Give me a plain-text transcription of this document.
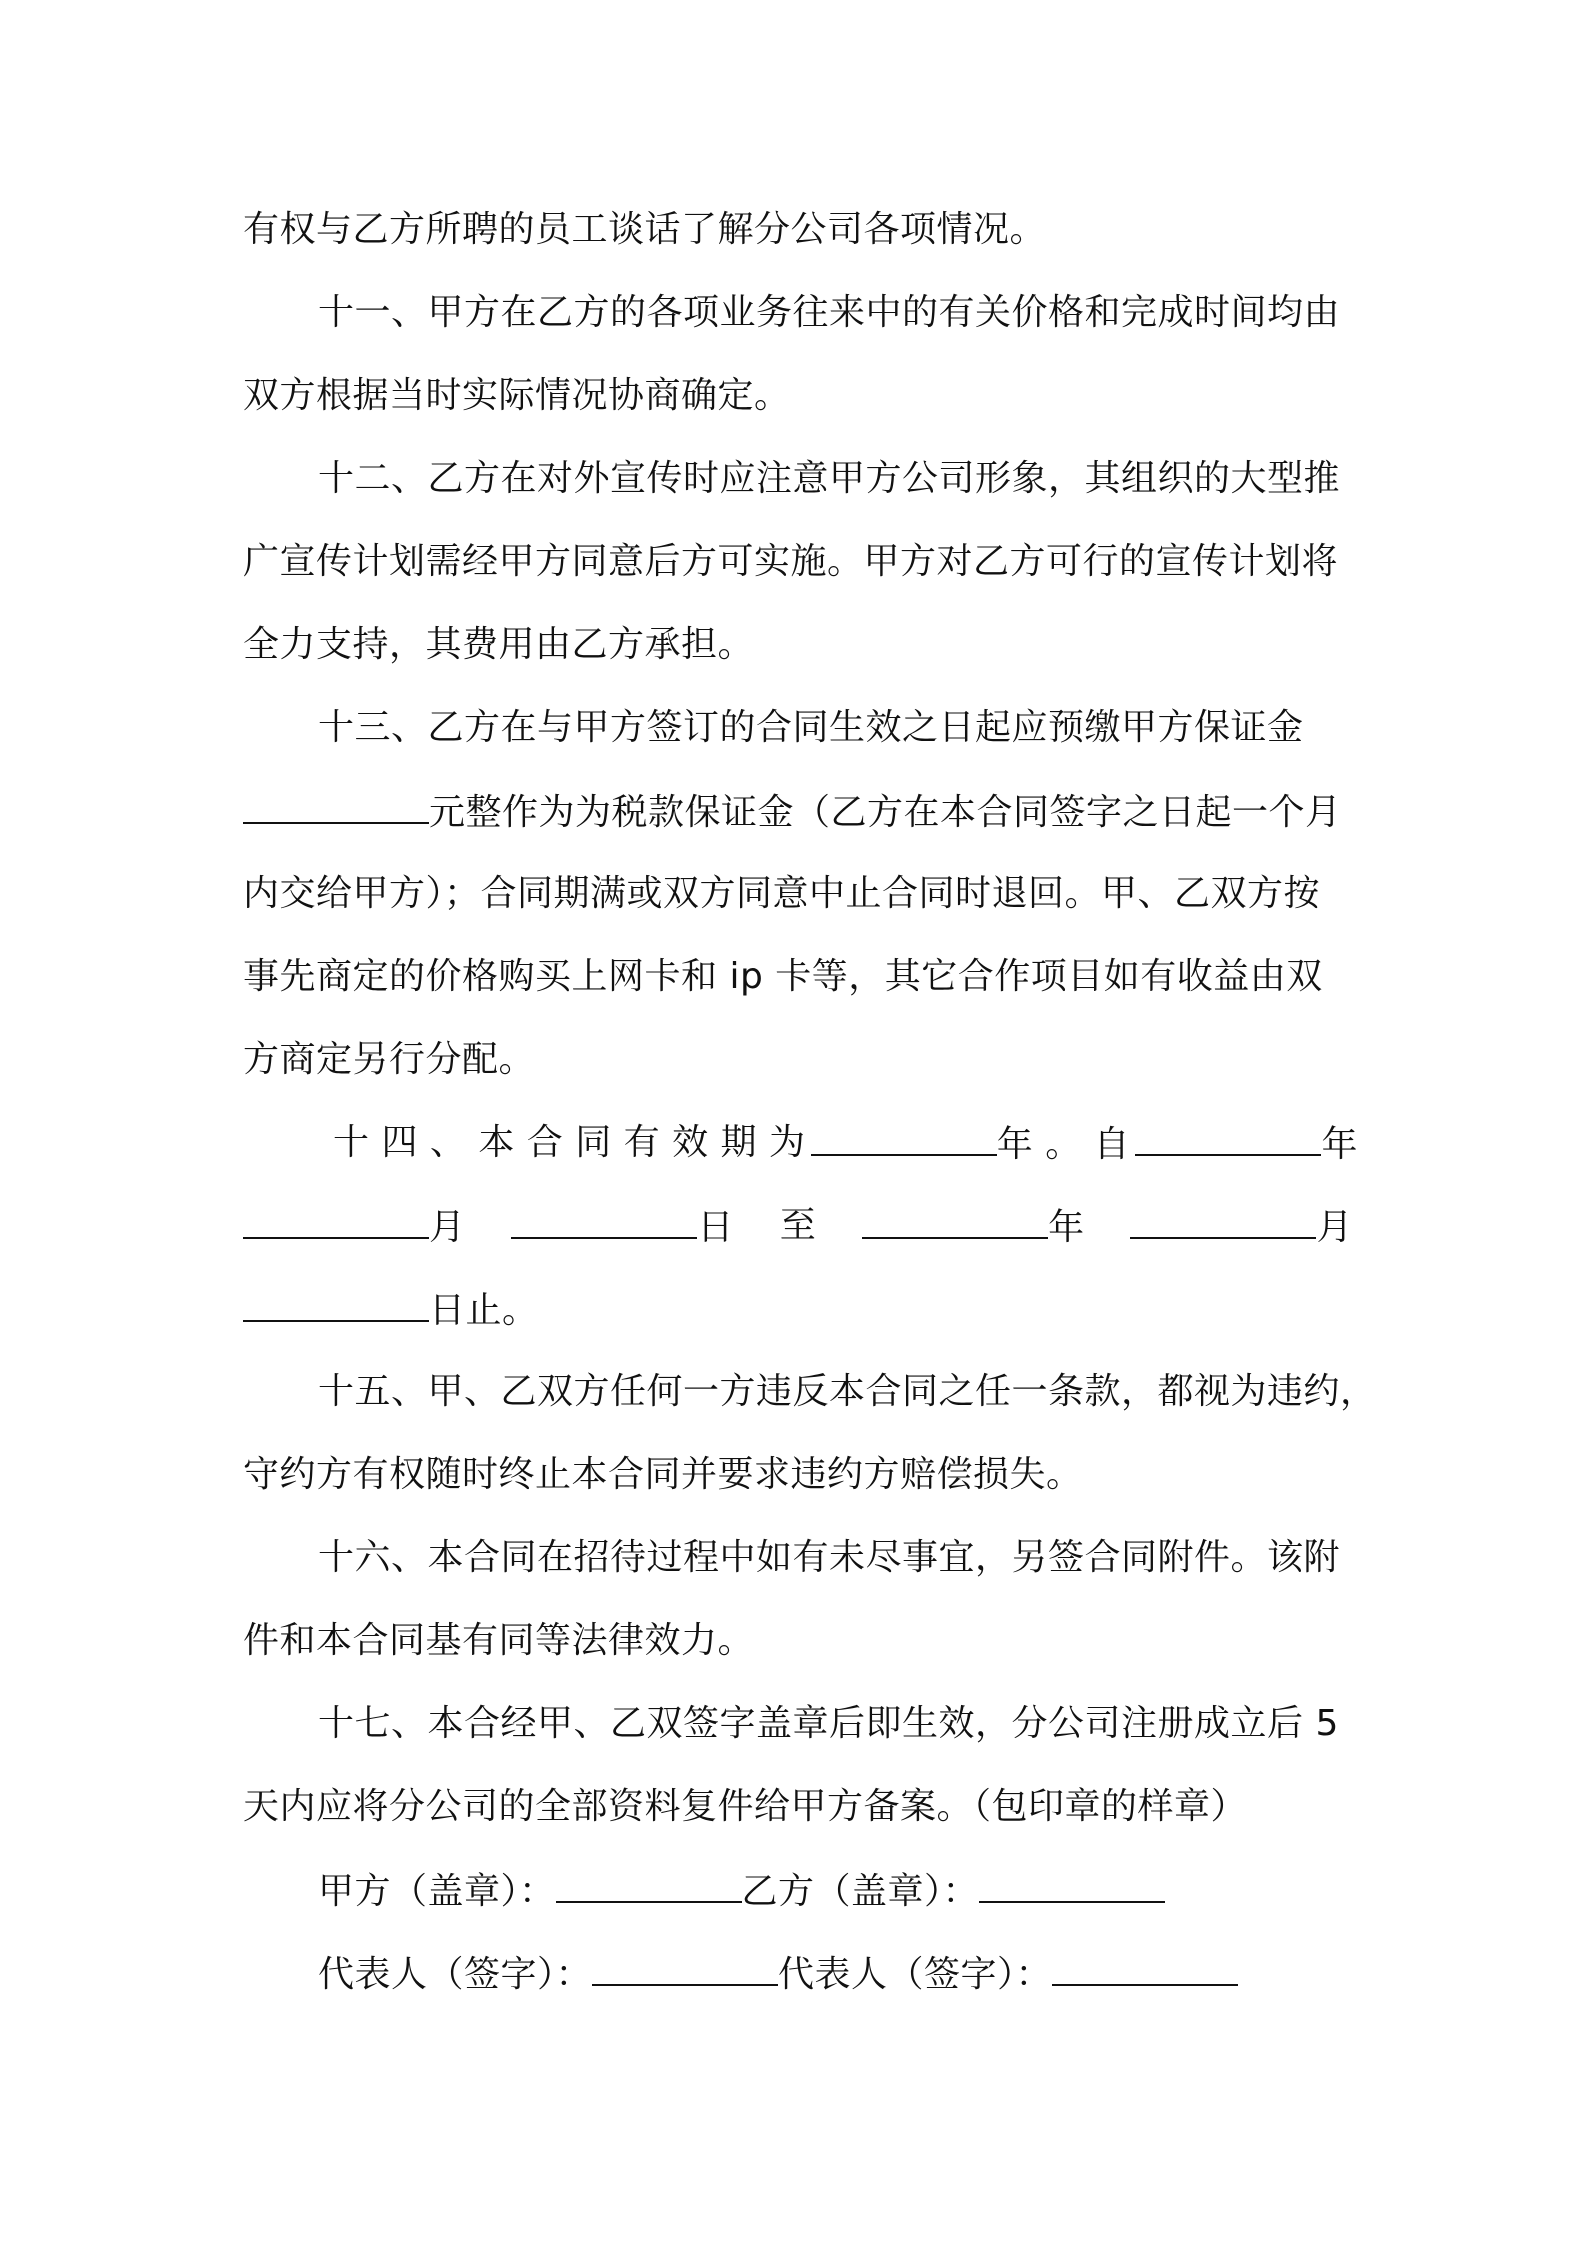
有权与乙方所聘的员工谈话了解分公司各项情况。
十一、甲方在乙方的各项业务往来中的有关价格和完成时间均由
双方根据当时实际情况协商确定。
十二、乙方在对外宣传时应注意甲方公司形象，其组织的大型推
广宣传计划需经甲方同意后方可实施。甲方对乙方可行的宣传计划将
全力支持，其费用由乙方承担。
十三、乙方在与甲方签订的合同生效之日起应预缴甲方保证金
元整作为为税款保证金（乙方在本合同签字之日起一个月
内交给甲方）；合同期满或双方同意中止合同时退回。甲、乙双方按
事先商定的价格购买上网卡和 ip 卡等，其它合作项目如有收益由双
方商定另行分配。
十 四 、 本 合 同 有 效 期 为	年 。 自	年
月	日 至	年	月
日止。
十五、甲、乙双方任何一方违反本合同之任一条款，都视为违约，
守约方有权随时终止本合同并要求违约方赔偿损失。
十六、本合同在招待过程中如有未尽事宜，另签合同附件。该附
件和本合同基有同等法律效力。
十七、本合经甲、乙双签字盖章后即生效，分公司注册成立后 5
天内应将分公司的全部资料复件给甲方备案。（包印章的样章）
甲方（盖章）：	乙方（盖章）：
代表人（签字）：	代表人（签字）：
